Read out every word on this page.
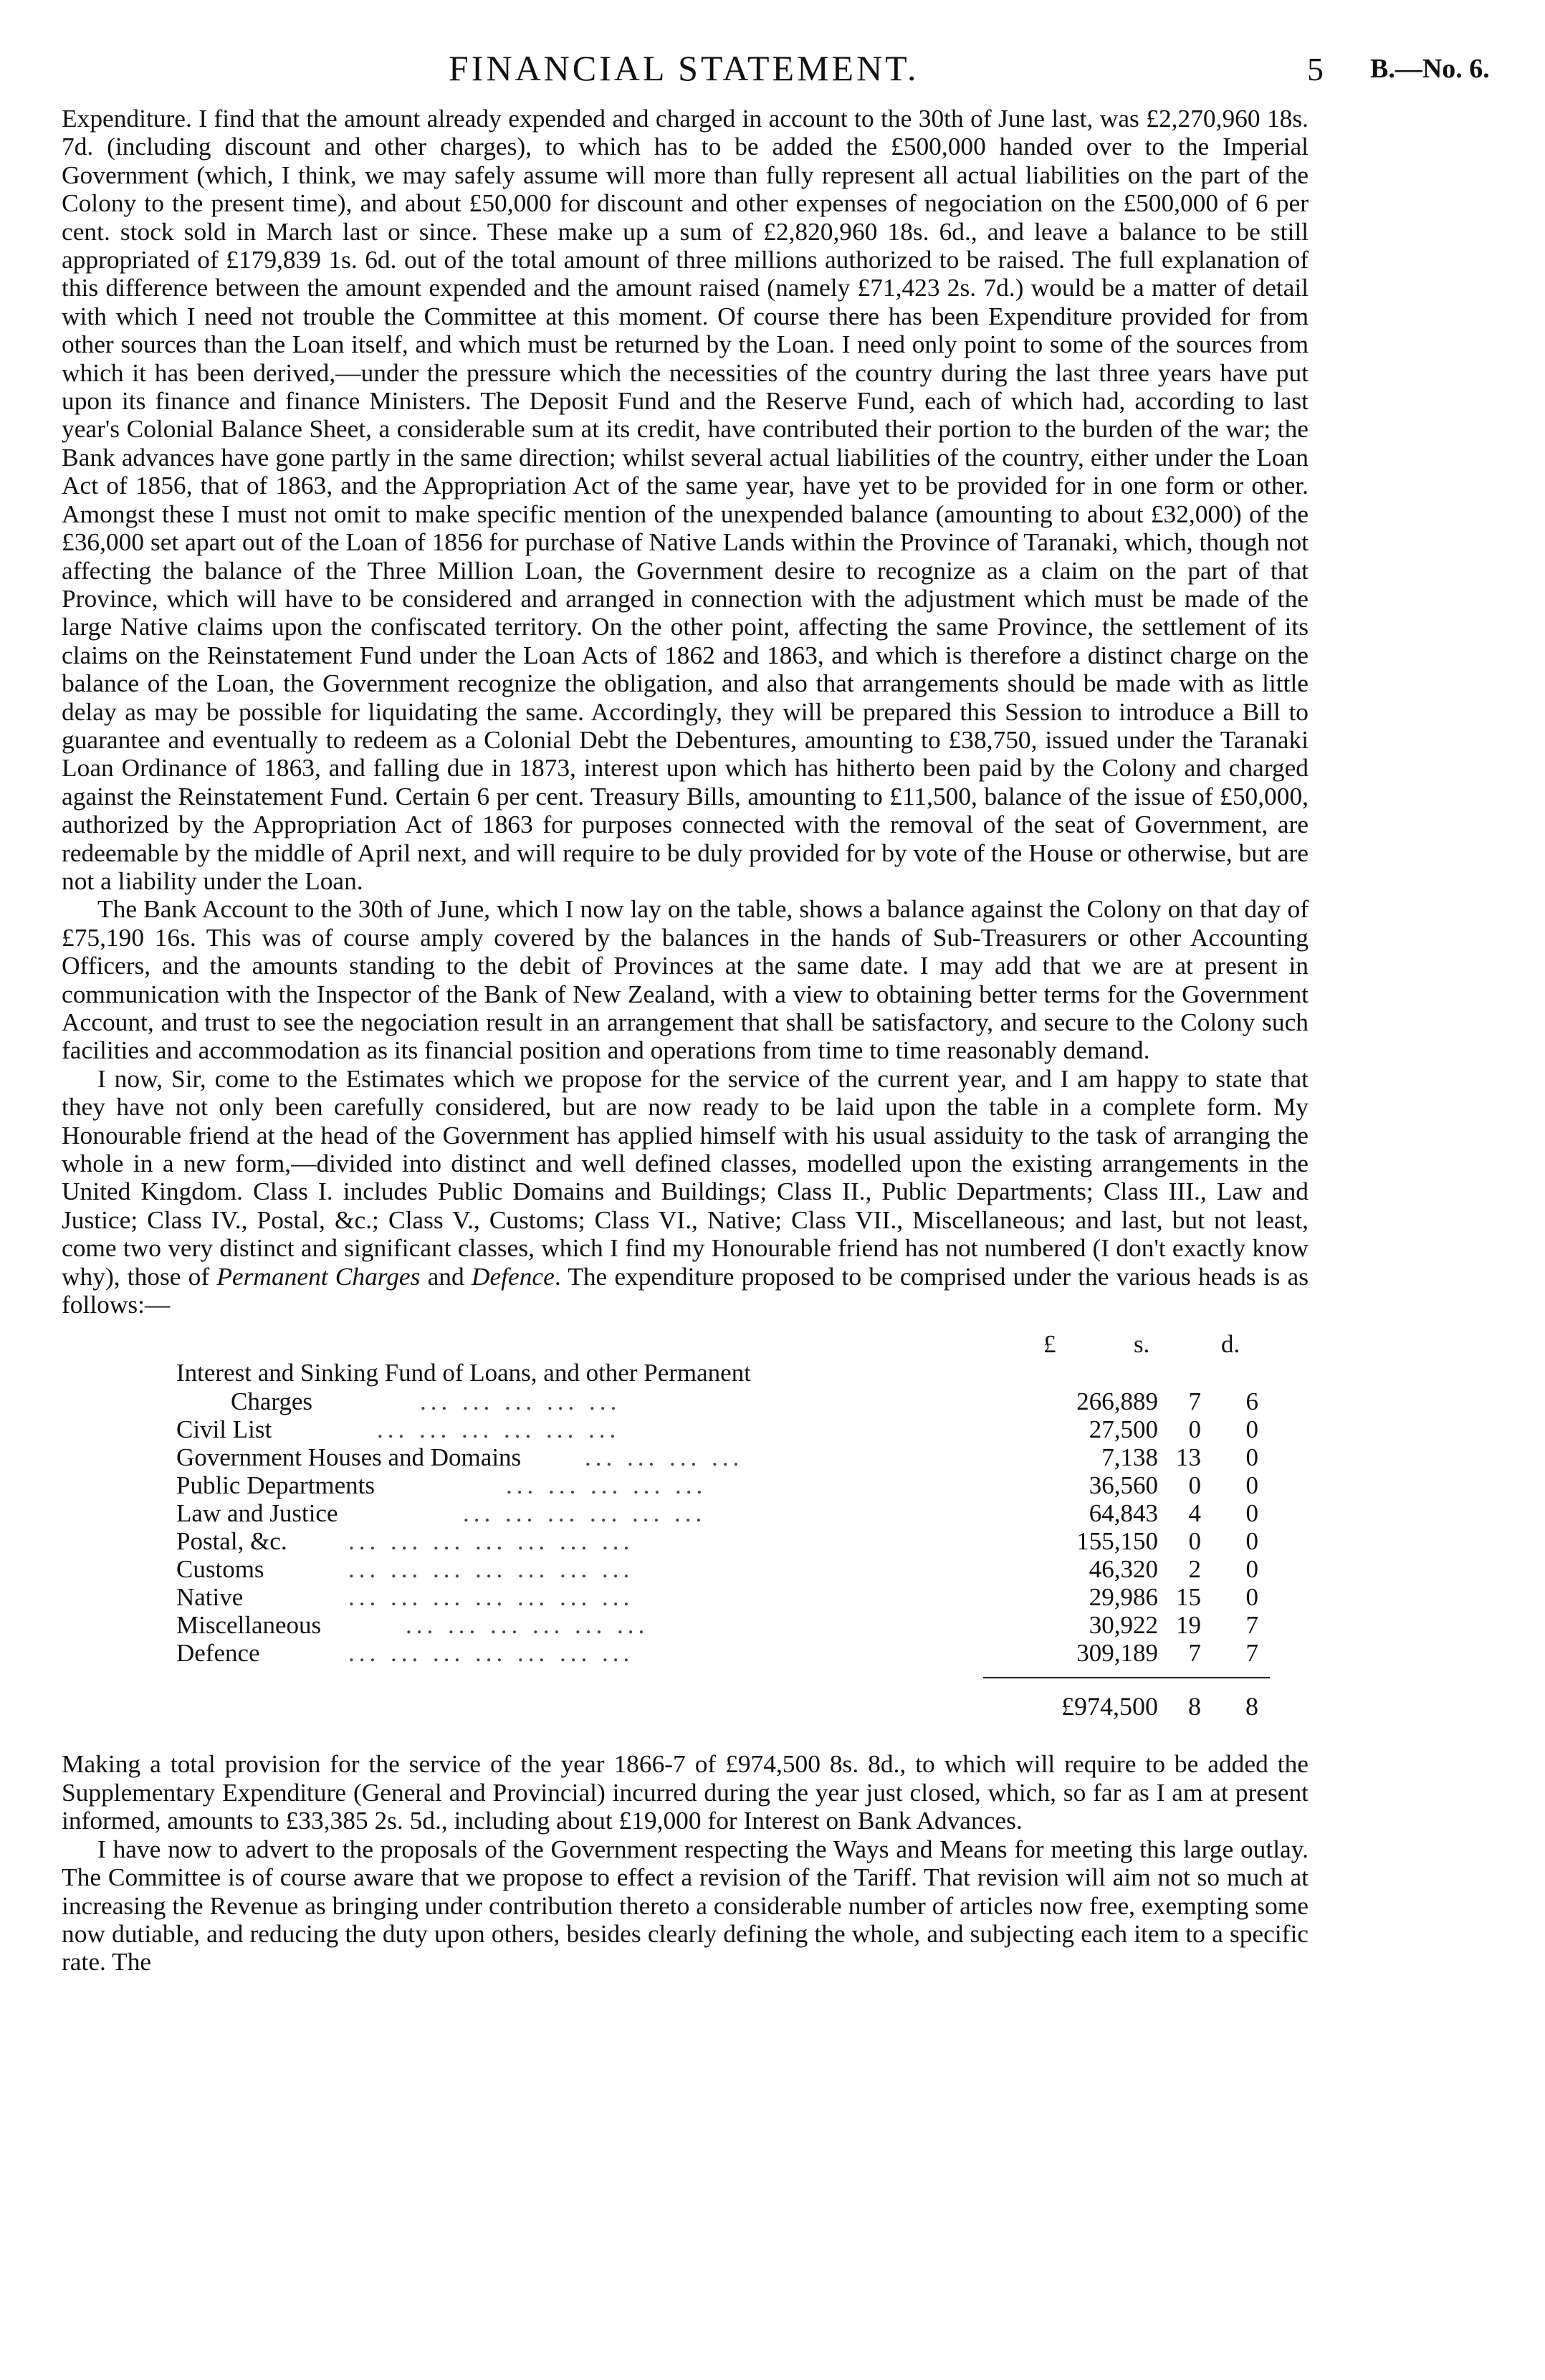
FINANCIAL STATEMENT.	5 B.—No. 6.

Expenditure. I find that the amount already expended and charged in account to the 30th of June last, was £2,270,960 18s. 7d. (including discount and other charges), to which has to be added the £500,000 handed over to the Imperial Government (which, I think, we may safely assume will more than fully represent all actual liabilities on the part of the Colony to the present time), and about £50,000 for discount and other expenses of negociation on the £500,000 of 6 per cent. stock sold in March last or since. These make up a sum of £2,820,960 18s. 6d., and leave a balance to be still appropriated of £179,839 1s. 6d. out of the total amount of three millions authorized to be raised. The full explanation of this difference between the amount expended and the amount raised (namely £71,423 2s. 7d.) would be a matter of detail with which I need not trouble the Committee at this moment. Of course there has been Expenditure provided for from other sources than the Loan itself, and which must be returned by the Loan. I need only point to some of the sources from which it has been derived,—under the pressure which the necessities of the country during the last three years have put upon its finance and finance Ministers. The Deposit Fund and the Reserve Fund, each of which had, according to last year's Colonial Balance Sheet, a considerable sum at its credit, have contributed their portion to the burden of the war; the Bank advances have gone partly in the same direction; whilst several actual liabilities of the country, either under the Loan Act of 1856, that of 1863, and the Appropriation Act of the same year, have yet to be provided for in one form or other. Amongst these I must not omit to make specific mention of the unexpended balance (amounting to about £32,000) of the £36,000 set apart out of the Loan of 1856 for purchase of Native Lands within the Province of Taranaki, which, though not affecting the balance of the Three Million Loan, the Government desire to recognize as a claim on the part of that Province, which will have to be considered and arranged in connection with the adjustment which must be made of the large Native claims upon the confiscated territory. On the other point, affecting the same Province, the settlement of its claims on the Reinstatement Fund under the Loan Acts of 1862 and 1863, and which is therefore a distinct charge on the balance of the Loan, the Government recognize the obligation, and also that arrangements should be made with as little delay as may be possible for liquidating the same. Accordingly, they will be prepared this Session to introduce a Bill to guarantee and eventually to redeem as a Colonial Debt the Debentures, amounting to £38,750, issued under the Taranaki Loan Ordinance of 1863, and falling due in 1873, interest upon which has hitherto been paid by the Colony and charged against the Reinstatement Fund. Certain 6 per cent. Treasury Bills, amounting to £11,500, balance of the issue of £50,000, authorized by the Appropriation Act of 1863 for purposes connected with the removal of the seat of Government, are redeemable by the middle of April next, and will require to be duly provided for by vote of the House or otherwise, but are not a liability under the Loan.

The Bank Account to the 30th of June, which I now lay on the table, shows a balance against the Colony on that day of £75,190 16s. This was of course amply covered by the balances in the hands of Sub-Treasurers or other Accounting Officers, and the amounts standing to the debit of Provinces at the same date. I may add that we are at present in communication with the Inspector of the Bank of New Zealand, with a view to obtaining better terms for the Government Account, and trust to see the negociation result in an arrangement that shall be satisfactory, and secure to the Colony such facilities and accommodation as its financial position and operations from time to time reasonably demand.

I now, Sir, come to the Estimates which we propose for the service of the current year, and I am happy to state that they have not only been carefully considered, but are now ready to be laid upon the table in a complete form. My Honourable friend at the head of the Government has applied himself with his usual assiduity to the task of arranging the whole in a new form,—divided into distinct and well defined classes, modelled upon the existing arrangements in the United Kingdom. Class I. includes Public Domains and Buildings; Class II., Public Departments; Class III., Law and Justice; Class IV., Postal, &c.; Class V., Customs; Class VI., Native; Class VII., Miscellaneous; and last, but not least, come two very distinct and significant classes, which I find my Honourable friend has not numbered (I don't exactly know why), those of Permanent Charges and Defence. The expenditure proposed to be comprised under the various heads is as follows:—

£	s.	d.
Interest and Sinking Fund of Loans, and other Permanent
Charges	... ... ... ... ...	266,889	7	6
Civil List	... ... ... ... ... ...	27,500	0	0
Government Houses and Domains	... ... ... ...	7,138 13	0
Public Departments	... ... ... ... ...	36,560	0	0
Law and Justice	... ... ... ... ... ...	64,843	4	0
Postal, &c. ... ... ... ... ... ... ...	155,150	0	0
Customs	... ... ... ... ... ... ...	46,320	2	0
Native	... ... ... ... ... ... ...	29,986 15	0
Miscellaneous	... ... ... ... ... ...	30,922 19	7
Defence	... ... ... ... ... ... ...	309,189	7	7
£974,500	8	8

Making a total provision for the service of the year 1866-7 of £974,500 8s. 8d., to which will require to be added the Supplementary Expenditure (General and Provincial) incurred during the year just closed, which, so far as I am at present informed, amounts to £33,385 2s. 5d., including about £19,000 for Interest on Bank Advances.

I have now to advert to the proposals of the Government respecting the Ways and Means for meeting this large outlay. The Committee is of course aware that we propose to effect a revision of the Tariff. That revision will aim not so much at increasing the Revenue as bringing under contribution thereto a considerable number of articles now free, exempting some now dutiable, and reducing the duty upon others, besides clearly defining the whole, and subjecting each item to a specific rate. The
